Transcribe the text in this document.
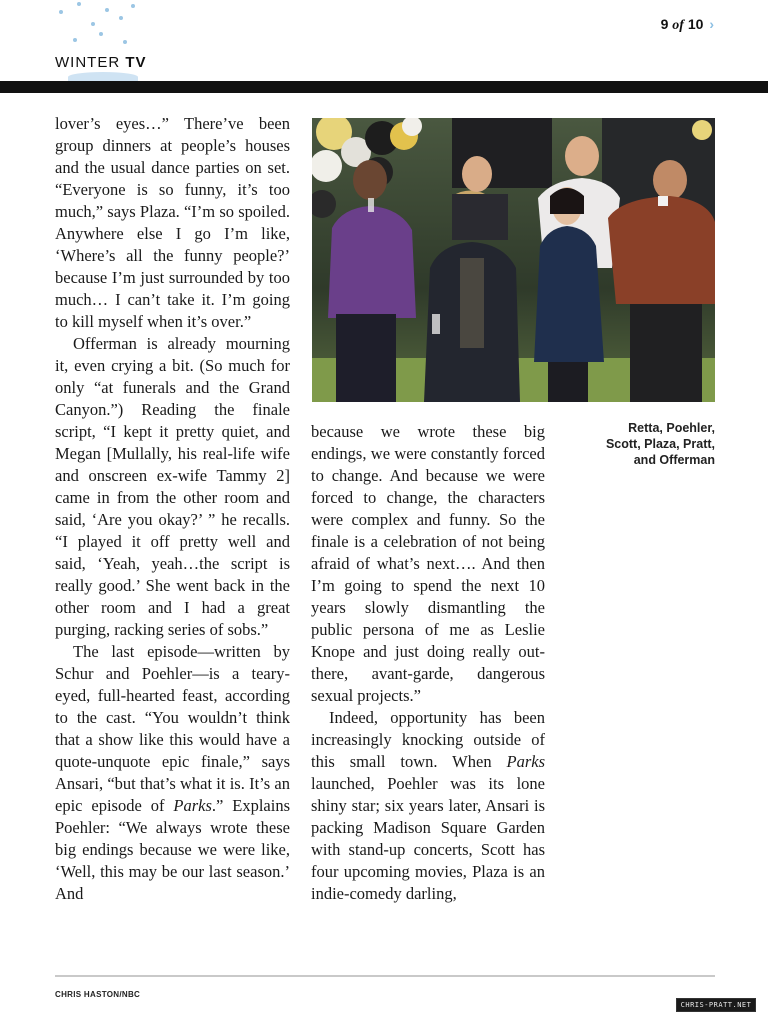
WINTER TV
9 of 10 ›

lover’s eyes…” There’ve been group dinners at people’s houses and the usual dance parties on set. “Everyone is so funny, it’s too much,” says Plaza. “I’m so spoiled. Anywhere else I go I’m like, ‘Where’s all the funny people?’ because I’m just surrounded by too much… I can’t take it. I’m going to kill myself when it’s over.”

Offerman is already mourning it, even crying a bit. (So much for only “at funerals and the Grand Canyon.”) Reading the finale script, “I kept it pretty quiet, and Megan [Mullally, his real-life wife and onscreen ex-wife Tammy 2] came in from the other room and said, ‘Are you okay?’ ” he recalls. “I played it off pretty well and said, ‘Yeah, yeah…the script is really good.’ She went back in the other room and I had a great purging, racking series of sobs.”

The last episode—written by Schur and Poehler—is a teary-eyed, full-hearted feast, according to the cast. “You wouldn’t think that a show like this would have a quote-unquote epic finale,” says Ansari, “but that’s what it is. It’s an epic episode of Parks.” Explains Poehler: “We always wrote these big endings because we were like, ‘Well, this may be our last season.’ And

Retta, Poehler,
Scott, Plaza, Pratt,
and Offerman

because we wrote these big endings, we were constantly forced to change. And because we were forced to change, the characters were complex and funny. So the finale is a celebration of not being afraid of what’s next…. And then I’m going to spend the next 10 years slowly dismantling the public persona of me as Leslie Knope and just doing really out-there, avant-garde, dangerous sexual projects.”

Indeed, opportunity has been increasingly knocking outside of this small town. When Parks launched, Poehler was its lone shiny star; six years later, Ansari is packing Madison Square Garden with stand-up concerts, Scott has four upcoming movies, Plaza is an indie-comedy darling,

CHRIS HASTON/NBC
CHRIS-PRATT.NET
